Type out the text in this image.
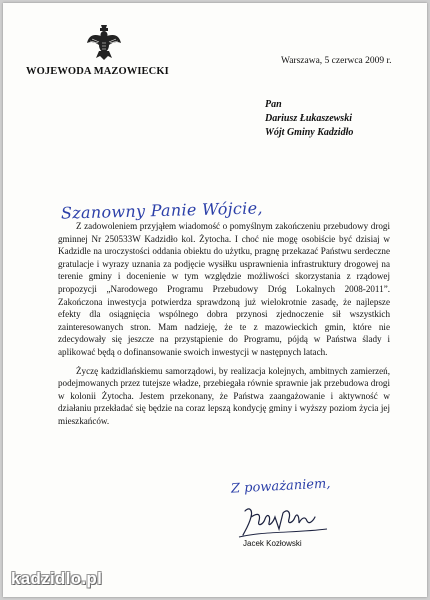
WOJEWODA MAZOWIECKI
Warszawa, 5 czerwca 2009 r.
Pan
Dariusz Łukaszewski
Wójt Gminy Kadzidło
Szanowny Panie Wójcie,

Z zadowoleniem przyjąłem wiadomość o pomyślnym zakończeniu przebudowy drogi gminnej Nr 250533W Kadzidło kol. Żytocha. I choć nie mogę osobiście być dzisiaj w Kadzidle na uroczystości oddania obiektu do użytku, pragnę przekazać Państwu serdeczne gratulacje i wyrazy uznania za podjęcie wysiłku usprawnienia infrastruktury drogowej na terenie gminy i docenienie w tym względzie możliwości skorzystania z rządowej propozycji „Narodowego Programu Przebudowy Dróg Lokalnych 2008-2011”. Zakończona inwestycja potwierdza sprawdzoną już wielokrotnie zasadę, że najlepsze efekty dla osiągnięcia wspólnego dobra przynosi zjednoczenie sił wszystkich zainteresowanych stron. Mam nadzieję, że te z mazowieckich gmin, które nie zdecydowały się jeszcze na przystąpienie do Programu, pójdą w Państwa ślady i aplikować będą o dofinansowanie swoich inwestycji w następnych latach.

Życzę kadzidlańskiemu samorządowi, by realizacja kolejnych, ambitnych zamierzeń, podejmowanych przez tutejsze władze, przebiegała równie sprawnie jak przebudowa drogi w kolonii Żytocha. Jestem przekonany, że Państwa zaangażowanie i aktywność w działaniu przekładać się będzie na coraz lepszą kondycję gminy i wyższy poziom życia jej mieszkańców.

Z poważaniem,
Jacek Kozłowski
kadzidlo.pl
